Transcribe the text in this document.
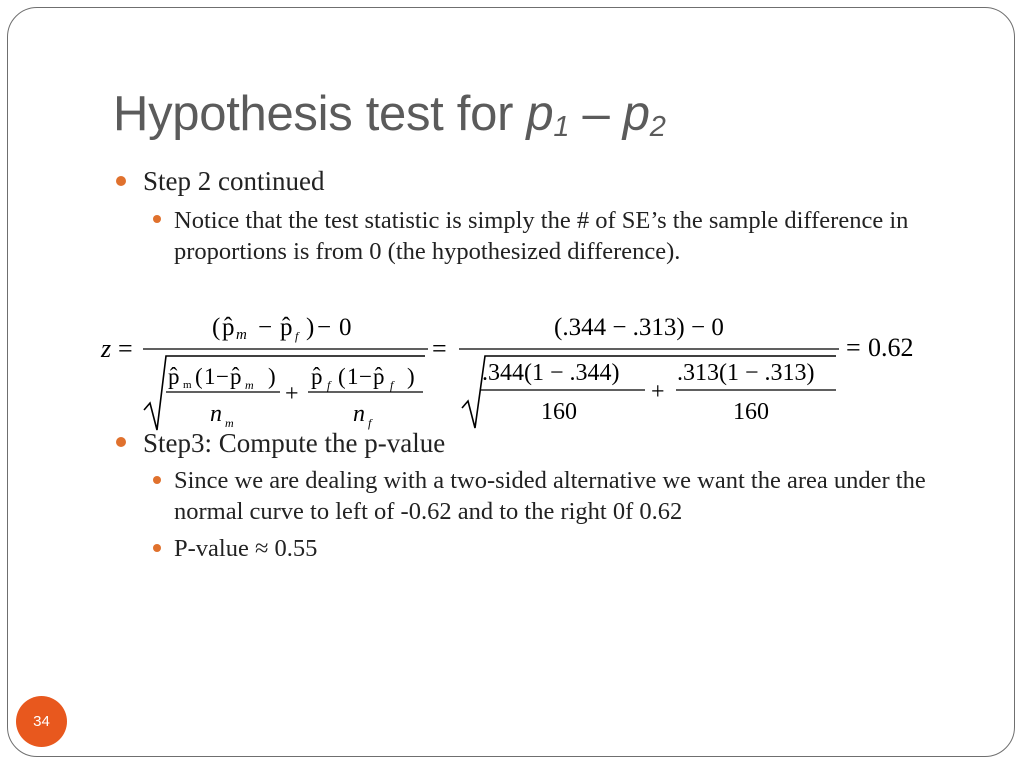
Hypothesis test for $p_1 - p_2$
Step 2 continued
Notice that the test statistic is simply the # of SE’s the sample difference in proportions is from 0 (the hypothesized difference).
z =
( p̂ m − p̂ f ) − 0
p̂ m ( 1 − p̂ m )
n m
+
p̂ f ( 1 − p̂ f )
n f
=
(.344 − .313) − 0
.344(1 − .344)
160
+
.313(1 − .313)
160
= 0.62
Step3: Compute the p-value
Since we are dealing with a two-sided alternative we want the area under the normal curve to left of -0.62 and to the right 0f 0.62
P-value ≈ 0.55
34
